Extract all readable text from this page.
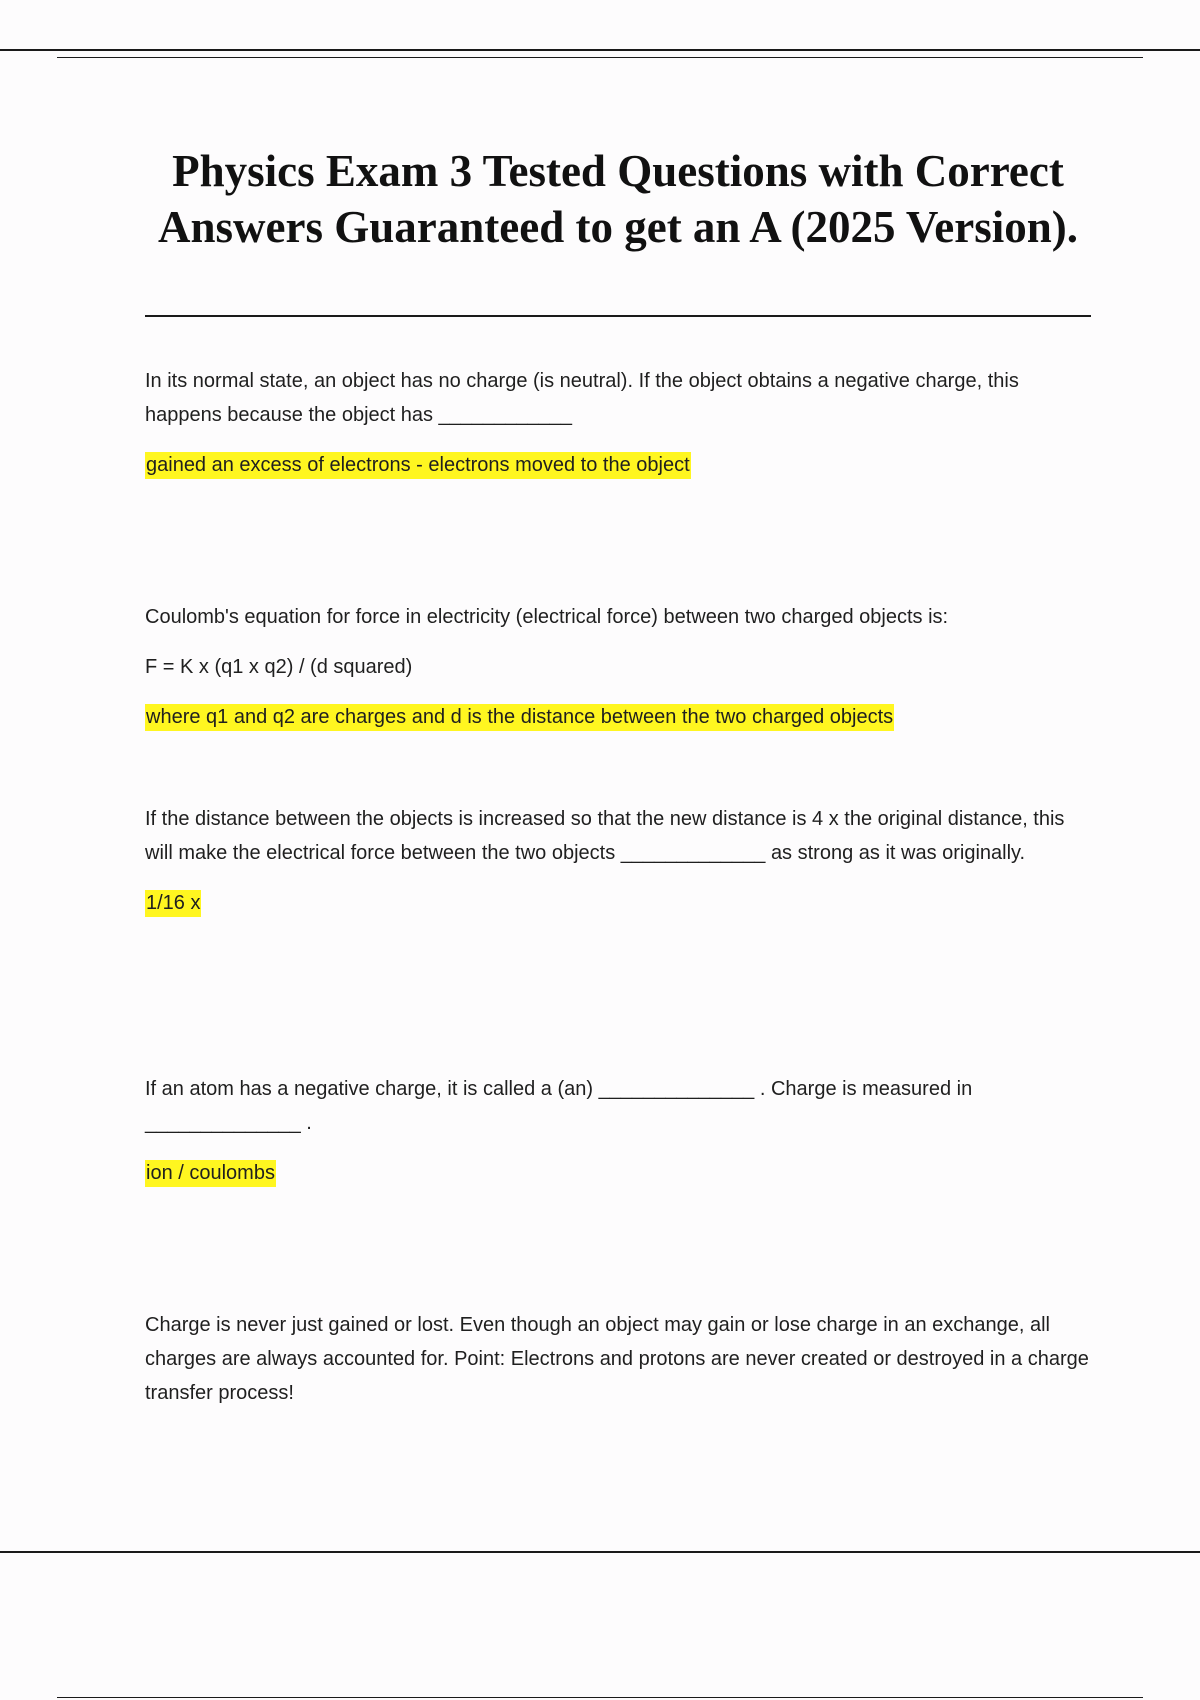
Physics Exam 3 Tested Questions with Correct Answers Guaranteed to get an A (2025 Version).

In its normal state, an object has no charge (is neutral). If the object obtains a negative charge, this happens because the object has ____________

gained an excess of electrons - electrons moved to the object

Coulomb's equation for force in electricity (electrical force) between two charged objects is:

F = K x (q1 x q2) / (d squared)

where q1 and q2 are charges and d is the distance between the two charged objects

If the distance between the objects is increased so that the new distance is 4 x the original distance, this will make the electrical force between the two objects _____________ as strong as it was originally.

1/16 x

If an atom has a negative charge, it is called a (an) ______________ . Charge is measured in ______________ .

ion / coulombs

Charge is never just gained or lost. Even though an object may gain or lose charge in an exchange, all charges are always accounted for. Point: Electrons and protons are never created or destroyed in a charge transfer process!
